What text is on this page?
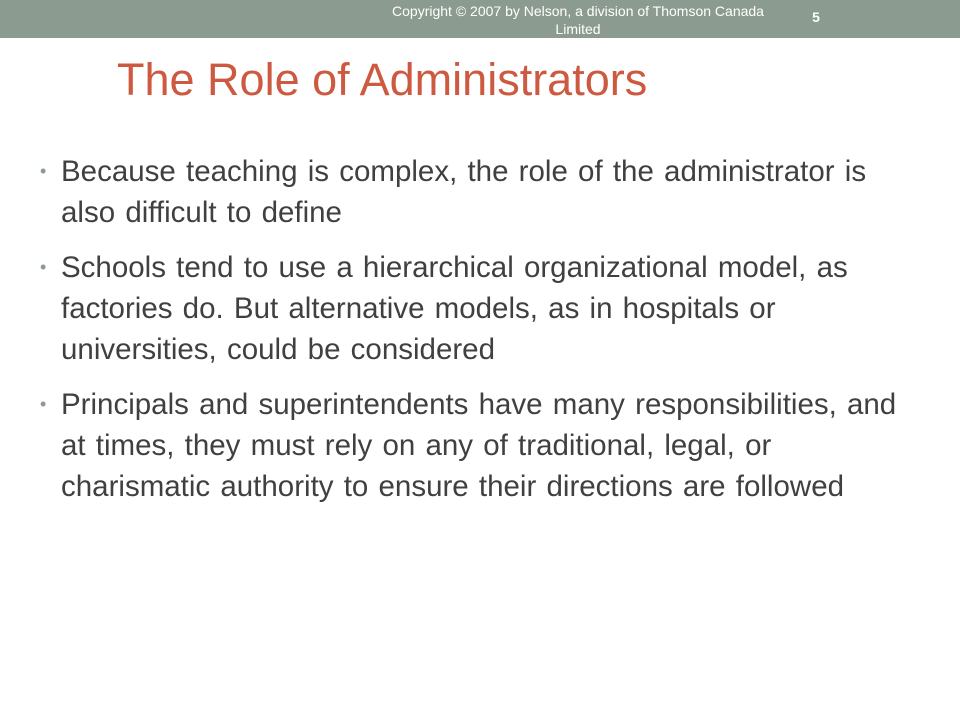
Copyright © 2007 by Nelson, a division of Thomson Canada Limited
5
The Role of Administrators
• Because teaching is complex, the role of the administrator is also difficult to define
• Schools tend to use a hierarchical organizational model, as factories do. But alternative models, as in hospitals or universities, could be considered
• Principals and superintendents have many responsibilities, and at times, they must rely on any of traditional, legal, or charismatic authority to ensure their directions are followed
